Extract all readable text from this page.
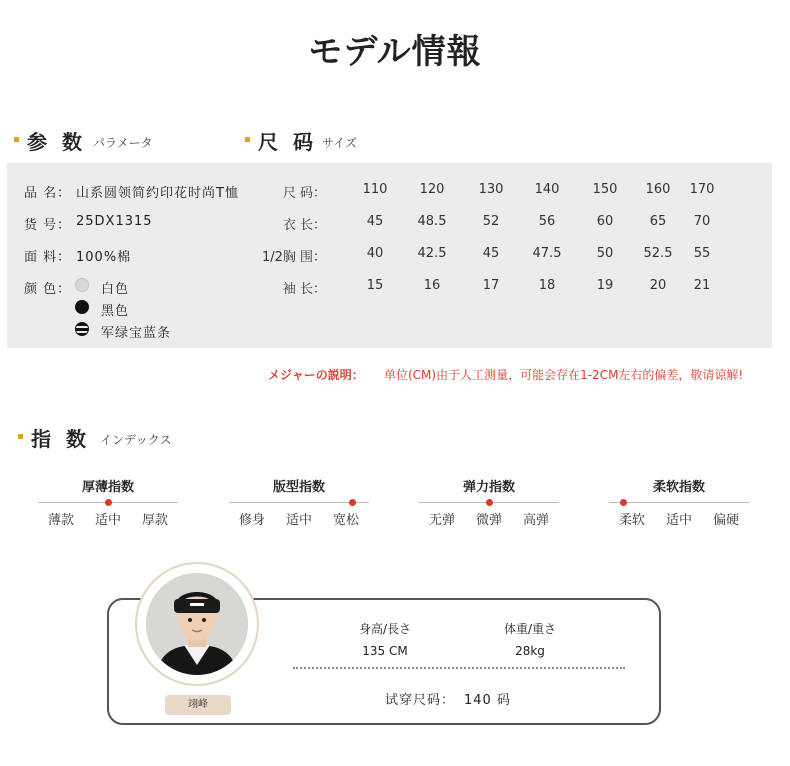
モデル情報
参 数 パラメータ	尺 码 サイズ
品 名： 山系圆领简约印花时尚T恤
货 号： 25DX1315
面 料： 100%棉
颜 色： 白色
黑色
军绿宝蓝条
尺 码：	110	120	130	140	150	160	170
衣 长：	45	48.5	52	56	60	65	70
1/2胸 围：	40	42.5	45	47.5	50	52.5	55
袖 长：	15	16	17	18	19	20	21
メジャーの説明： 单位(CM)由于人工测量，可能会存在1-2CM左右的偏差，敬请谅解!
指 数 インデックス
厚薄指数
薄款	适中	厚款
版型指数
修身	适中	宽松
弹力指数
无弹	微弹	高弹
柔软指数
柔软	适中	偏硬
翊峰
身高/長さ
135 CM
体重/重さ
28kg
试穿尺码： 140 码
